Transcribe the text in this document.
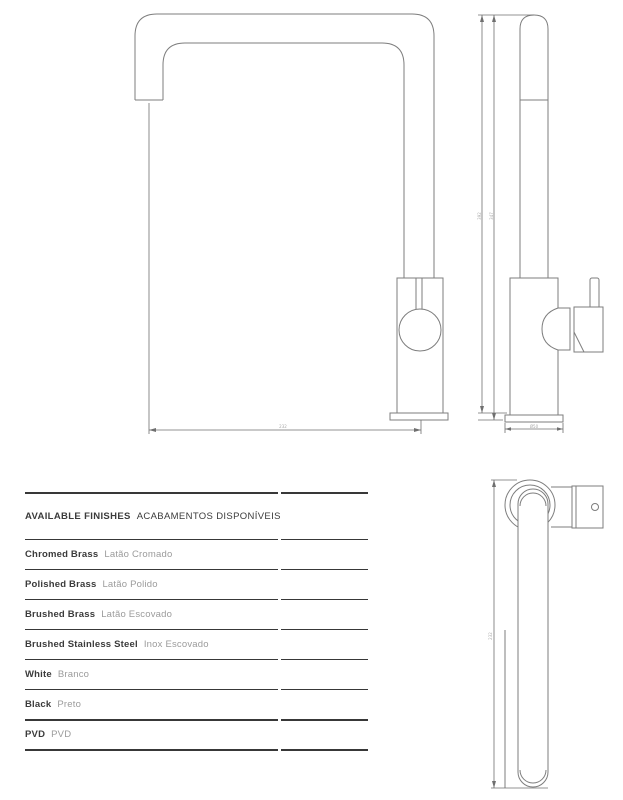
232
392 347
Ø50
232
AVAILABLE FINISHES ACABAMENTOS DISPONÍVEIS
Chromed Brass Latão Cromado
Polished Brass Latão Polido
Brushed Brass Latão Escovado
Brushed Stainless Steel Inox Escovado
White Branco
Black Preto
PVD PVD
